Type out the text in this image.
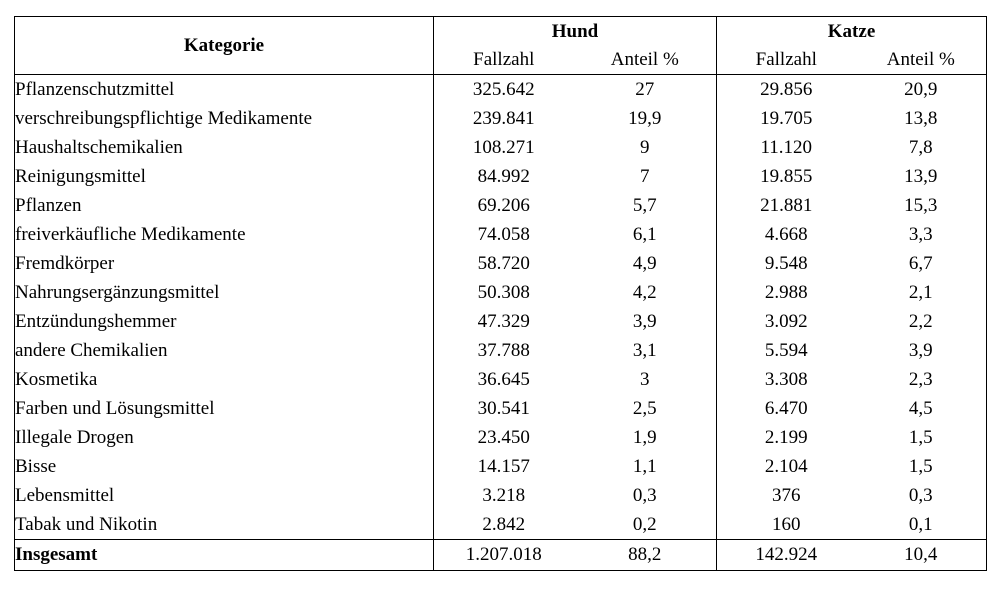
Kategorie	Hund		Katze	
	Fallzahl	Anteil %	Fallzahl	Anteil %
Pflanzenschutzmittel	325.642	27	29.856	20,9
verschreibungspflichtige Medikamente	239.841	19,9	19.705	13,8
Haushaltschemikalien	108.271	9	11.120	7,8
Reinigungsmittel	84.992	7	19.855	13,9
Pflanzen	69.206	5,7	21.881	15,3
freiverkäufliche Medikamente	74.058	6,1	4.668	3,3
Fremdkörper	58.720	4,9	9.548	6,7
Nahrungsergänzungsmittel	50.308	4,2	2.988	2,1
Entzündungshemmer	47.329	3,9	3.092	2,2
andere Chemikalien	37.788	3,1	5.594	3,9
Kosmetika	36.645	3	3.308	2,3
Farben und Lösungsmittel	30.541	2,5	6.470	4,5
Illegale Drogen	23.450	1,9	2.199	1,5
Bisse	14.157	1,1	2.104	1,5
Lebensmittel	3.218	0,3	376	0,3
Tabak und Nikotin	2.842	0,2	160	0,1
Insgesamt	1.207.018	88,2	142.924	10,4
